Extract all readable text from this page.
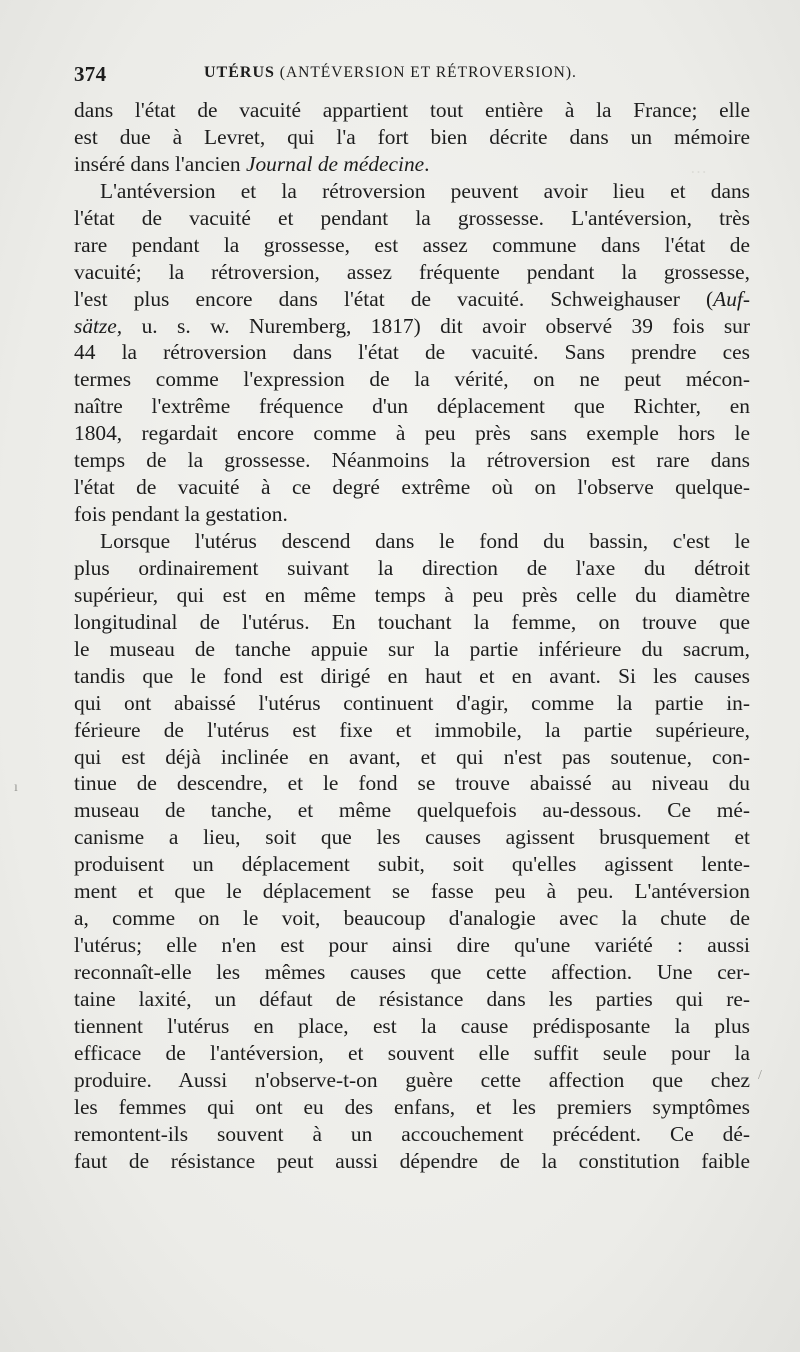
374	UTÉRUS (ANTÉVERSION ET RÉTROVERSION).
dans l'état de vacuité appartient tout entière à la France; elle
est due à Levret, qui l'a fort bien décrite dans un mémoire
inséré dans l'ancien Journal de médecine.
L'antéversion et la rétroversion peuvent avoir lieu et dans
l'état de vacuité et pendant la grossesse. L'antéversion, très
rare pendant la grossesse, est assez commune dans l'état de
vacuité; la rétroversion, assez fréquente pendant la grossesse,
l'est plus encore dans l'état de vacuité. Schweighauser (Auf-
sätze, u. s. w. Nuremberg, 1817) dit avoir observé 39 fois sur
44 la rétroversion dans l'état de vacuité. Sans prendre ces
termes comme l'expression de la vérité, on ne peut mécon-
naître l'extrême fréquence d'un déplacement que Richter, en
1804, regardait encore comme à peu près sans exemple hors le
temps de la grossesse. Néanmoins la rétroversion est rare dans
l'état de vacuité à ce degré extrême où on l'observe quelque-
fois pendant la gestation.
Lorsque l'utérus descend dans le fond du bassin, c'est le
plus ordinairement suivant la direction de l'axe du détroit
supérieur, qui est en même temps à peu près celle du diamètre
longitudinal de l'utérus. En touchant la femme, on trouve que
le museau de tanche appuie sur la partie inférieure du sacrum,
tandis que le fond est dirigé en haut et en avant. Si les causes
qui ont abaissé l'utérus continuent d'agir, comme la partie in-
férieure de l'utérus est fixe et immobile, la partie supérieure,
qui est déjà inclinée en avant, et qui n'est pas soutenue, con-
tinue de descendre, et le fond se trouve abaissé au niveau du
museau de tanche, et même quelquefois au-dessous. Ce mé-
canisme a lieu, soit que les causes agissent brusquement et
produisent un déplacement subit, soit qu'elles agissent lente-
ment et que le déplacement se fasse peu à peu. L'antéversion
a, comme on le voit, beaucoup d'analogie avec la chute de
l'utérus; elle n'en est pour ainsi dire qu'une variété : aussi
reconnaît-elle les mêmes causes que cette affection. Une cer-
taine laxité, un défaut de résistance dans les parties qui re-
tiennent l'utérus en place, est la cause prédisposante la plus
efficace de l'antéversion, et souvent elle suffit seule pour la
produire. Aussi n'observe-t-on guère cette affection que chez
les femmes qui ont eu des enfans, et les premiers symptômes
remontent-ils souvent à un accouchement précédent. Ce dé-
faut de résistance peut aussi dépendre de la constitution faible
…
ı
/
